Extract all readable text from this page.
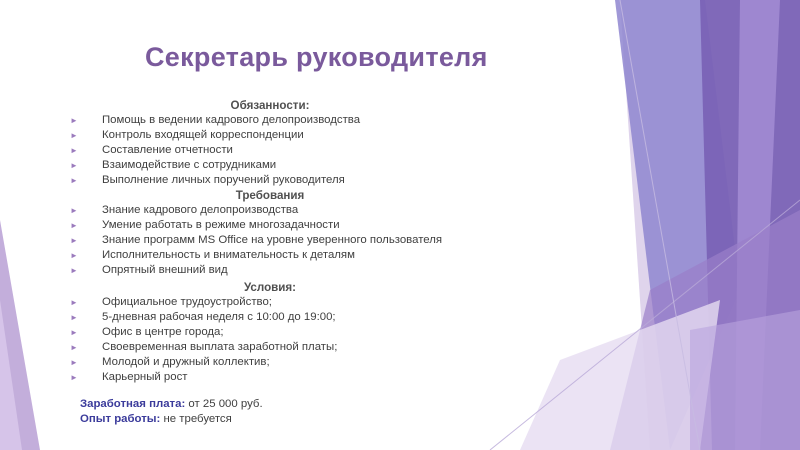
Секретарь руководителя
Обязанности:
► Помощь в ведении кадрового делопроизводства
► Контроль входящей корреспонденции
► Составление отчетности
► Взаимодействие с сотрудниками
► Выполнение личных поручений руководителя
Требования
► Знание кадрового делопроизводства
► Умение работать в режиме многозадачности
► Знание программ MS Office на уровне уверенного пользователя
► Исполнительность и внимательность к деталям
► Опрятный внешний вид
Условия:
► Официальное трудоустройство;
► 5-дневная рабочая неделя с 10:00 до 19:00;
► Офис в центре города;
► Своевременная выплата заработной платы;
► Молодой и дружный коллектив;
► Карьерный рост
Заработная плата: от 25 000 руб.
Опыт работы: не требуется
